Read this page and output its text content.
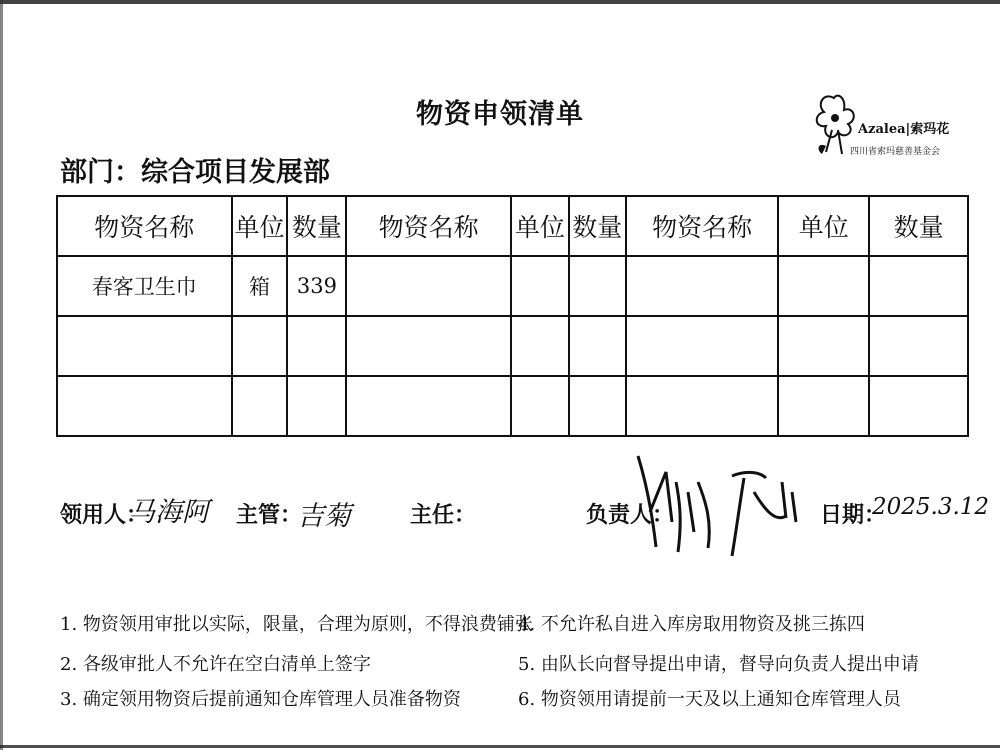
物资申领清单
部门：综合项目发展部
Azalea|索玛花
四川省索玛慈善基金会
物资名称	单位	数量	物资名称	单位	数量	物资名称	单位	数量
春客卫生巾	箱	339						

领用人：
马海阿 主管：
吉菊	主任：	负责人：	日期：
2025.3.12
1. 物资领用审批以实际，限量，合理为原则，不得浪费铺张
2. 各级审批人不允许在空白清单上签字
3. 确定领用物资后提前通知仓库管理人员准备物资
4. 不允许私自进入库房取用物资及挑三拣四
5. 由队长向督导提出申请，督导向负责人提出申请
6. 物资领用请提前一天及以上通知仓库管理人员
